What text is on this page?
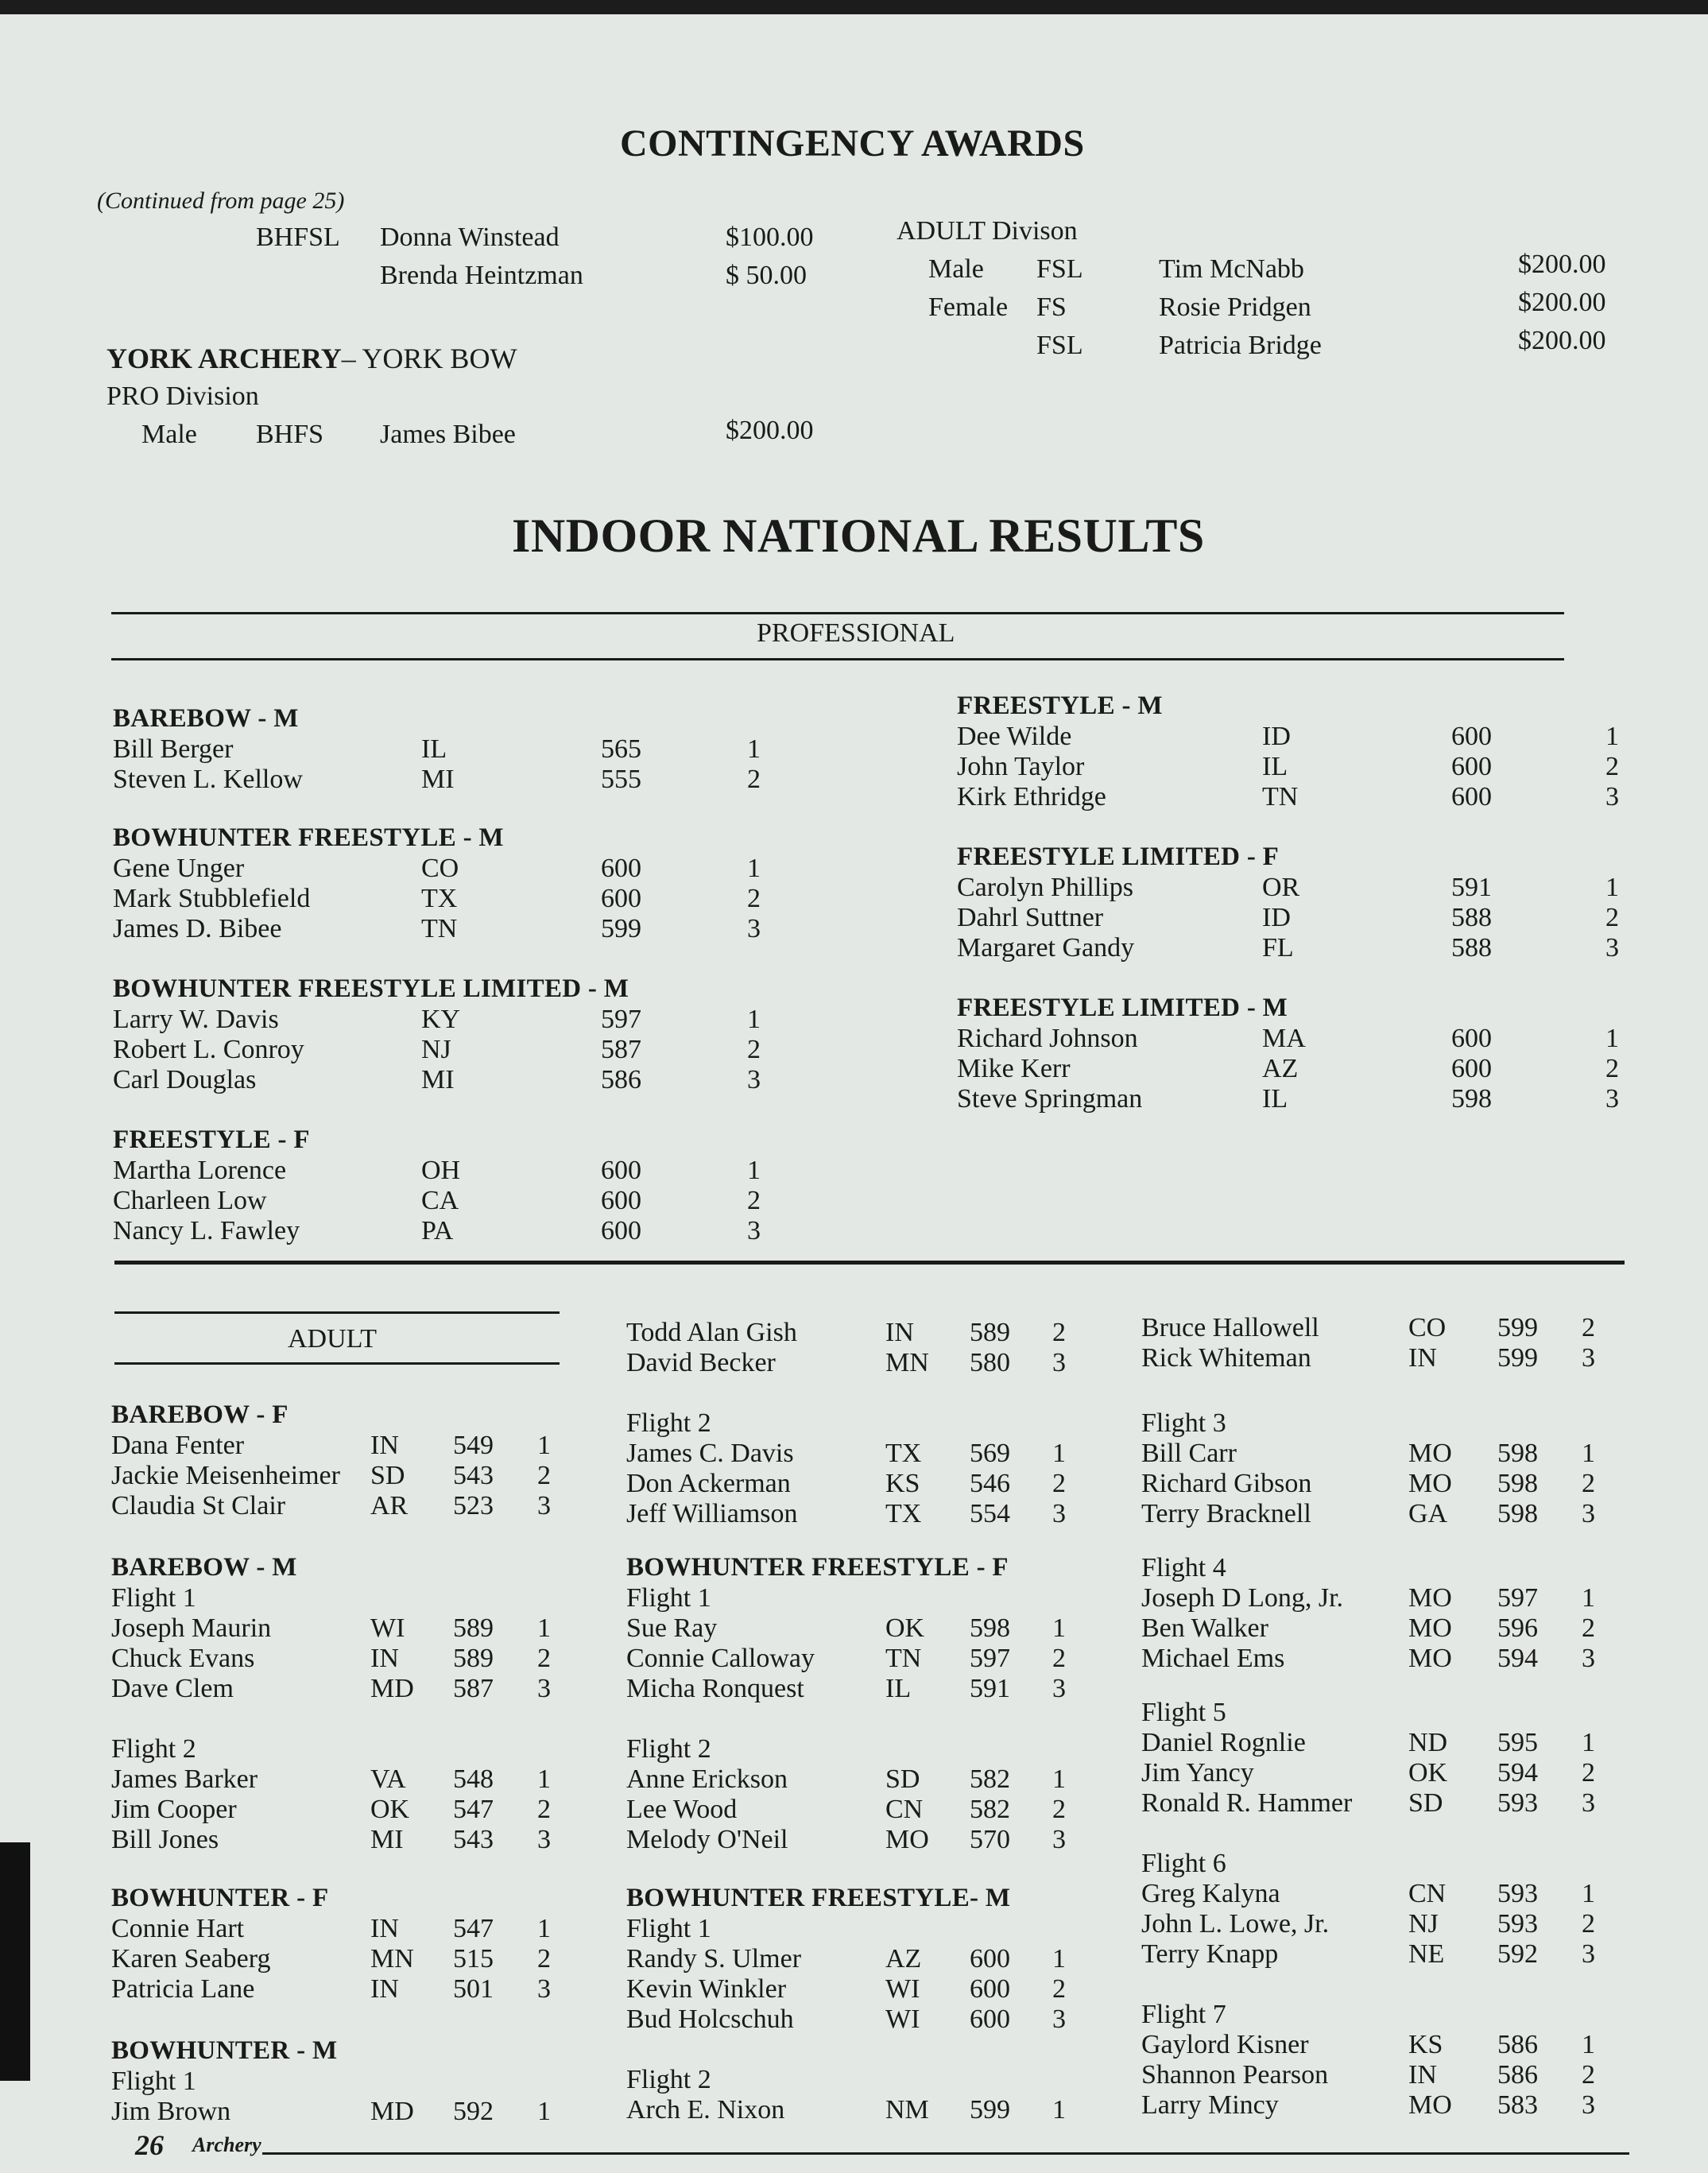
CONTINGENCY AWARDS
(Continued from page 25)
BHFSL Donna Winstead	$100.00
Brenda Heintzman	$ 50.00
YORK ARCHERY– YORK BOW
PRO Division
Male BHFS James Bibee	$200.00
ADULT Divison
Male FSL	Tim McNabb	$200.00
Female FS	Rosie Pridgen	$200.00
FSL	Patricia Bridge	$200.00
INDOOR NATIONAL RESULTS
PROFESSIONAL
BAREBOW - M
Bill Berger	IL	565	1
Steven L. Kellow	MI	555	2
BOWHUNTER FREESTYLE - M
Gene Unger	CO	600	1
Mark Stubblefield	TX	600	2
James D. Bibee	TN	599	3
BOWHUNTER FREESTYLE LIMITED - M
Larry W. Davis	KY	597	1
Robert L. Conroy	NJ	587	2
Carl Douglas	MI	586	3
FREESTYLE - F
Martha Lorence	OH	600	1
Charleen Low	CA	600	2
Nancy L. Fawley	PA	600	3
FREESTYLE - M
Dee Wilde	ID	600	1
John Taylor	IL	600	2
Kirk Ethridge	TN	600	3
FREESTYLE LIMITED - F
Carolyn Phillips	OR	591	1
Dahrl Suttner	ID	588	2
Margaret Gandy	FL	588	3
FREESTYLE LIMITED - M
Richard Johnson	MA	600	1
Mike Kerr	AZ	600	2
Steve Springman	IL	598	3
ADULT
BAREBOW - F
Dana Fenter	IN 549 1
Jackie Meisenheimer SD 543 2
Claudia St Clair	AR 523 3
BAREBOW - M
Flight 1
Joseph Maurin	WI 589 1
Chuck Evans	IN 589 2
Dave Clem	MD 587 3
Flight 2
James Barker	VA 548 1
Jim Cooper	OK 547 2
Bill Jones	MI 543 3
BOWHUNTER - F
Connie Hart	IN 547 1
Karen Seaberg	MN 515 2
Patricia Lane	IN 501 3
BOWHUNTER - M
Flight 1
Jim Brown	MD 592 1
Todd Alan Gish	IN 589 2
David Becker	MN 580 3
Flight 2
James C. Davis	TX 569 1
Don Ackerman	KS 546 2
Jeff Williamson	TX 554 3
BOWHUNTER FREESTYLE - F
Flight 1
Sue Ray	OK 598 1
Connie Calloway	TN 597 2
Micha Ronquest	IL 591 3
Flight 2
Anne Erickson	SD 582 1
Lee Wood	CN 582 2
Melody O'Neil	MO 570 3
BOWHUNTER FREESTYLE- M
Flight 1
Randy S. Ulmer	AZ 600 1
Kevin Winkler	WI 600 2
Bud Holcschuh	WI 600 3
Flight 2
Arch E. Nixon	NM 599 1
Bruce Hallowell	CO 599 2
Rick Whiteman	IN 599 3
Flight 3
Bill Carr	MO 598 1
Richard Gibson	MO 598 2
Terry Bracknell	GA 598 3
Flight 4
Joseph D Long, Jr. MO 597 1
Ben Walker	MO 596 2
Michael Ems	MO 594 3
Flight 5
Daniel Rognlie	ND 595 1
Jim Yancy	OK 594 2
Ronald R. Hammer SD 593 3
Flight 6
Greg Kalyna	CN 593 1
John L. Lowe, Jr.	NJ 593 2
Terry Knapp	NE 592 3
Flight 7
Gaylord Kisner	KS 586 1
Shannon Pearson	IN 586 2
Larry Mincy	MO 583 3
26 Archery
